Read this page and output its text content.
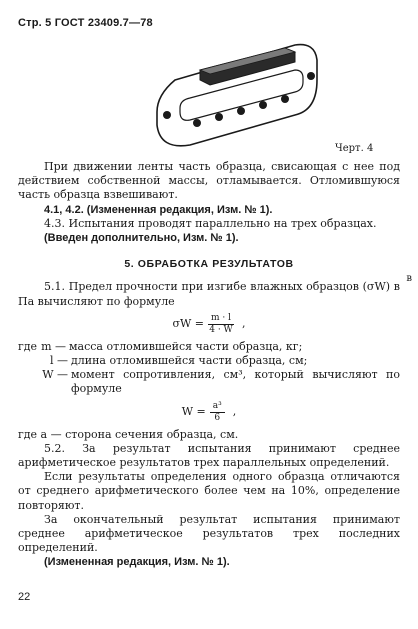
Стр. 5 ГОСТ 23409.7—78
Черт. 4

При движении ленты часть образца, свисающая с нее под действием собственной массы, отламывается. Отломившуюся часть образца взвешивают.

4.1, 4.2. (Измененная редакция, Изм. № 1).

4.3. Испытания проводят параллельно на трех образцах.

(Введен дополнительно, Изм. № 1).

5. ОБРАБОТКА РЕЗУЛЬТАТОВ

5.1. Предел прочности при изгибе влажных образцов (σW) в Па вычисляют по формуле

$\sigma W = \frac{m \cdot l}{4 \cdot W}$ ,
где m — масса отломившейся части образца, кг;
l — длина отломившейся части образца, см;
W — момент сопротивления, см³, который вычисляют по формуле
$W = \frac{\text{a³}}{6}$ ,

где a — сторона сечения образца, см.

5.2. За результат испытания принимают среднее арифметическое результатов трех параллельных определений.

Если результаты определения одного образца отличаются от среднего арифметического более чем на 10%, определение повторяют.

За окончательный результат испытания принимают среднее арифметическое результатов трех последних определений.

(Измененная редакция, Изм. № 1).

в
22
